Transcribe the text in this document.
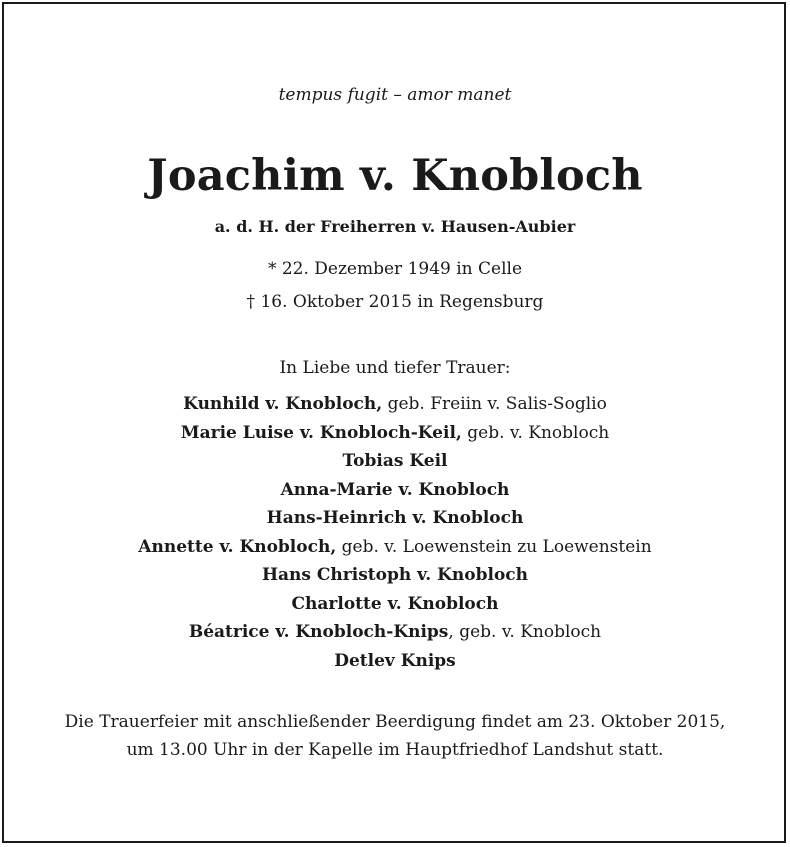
tempus fugit – amor manet
Joachim v. Knobloch
a. d. H. der Freiherren v. Hausen-Aubier
* 22. Dezember 1949 in Celle
† 16. Oktober 2015 in Regensburg
In Liebe und tiefer Trauer:
Kunhild v. Knobloch, geb. Freiin v. Salis-Soglio
Marie Luise v. Knobloch-Keil, geb. v. Knobloch
Tobias Keil
Anna-Marie v. Knobloch
Hans-Heinrich v. Knobloch
Annette v. Knobloch, geb. v. Loewenstein zu Loewenstein
Hans Christoph v. Knobloch
Charlotte v. Knobloch
Béatrice v. Knobloch-Knips, geb. v. Knobloch
Detlev Knips
Die Trauerfeier mit anschließender Beerdigung findet am 23. Oktober 2015,
um 13.00 Uhr in der Kapelle im Hauptfriedhof Landshut statt.
